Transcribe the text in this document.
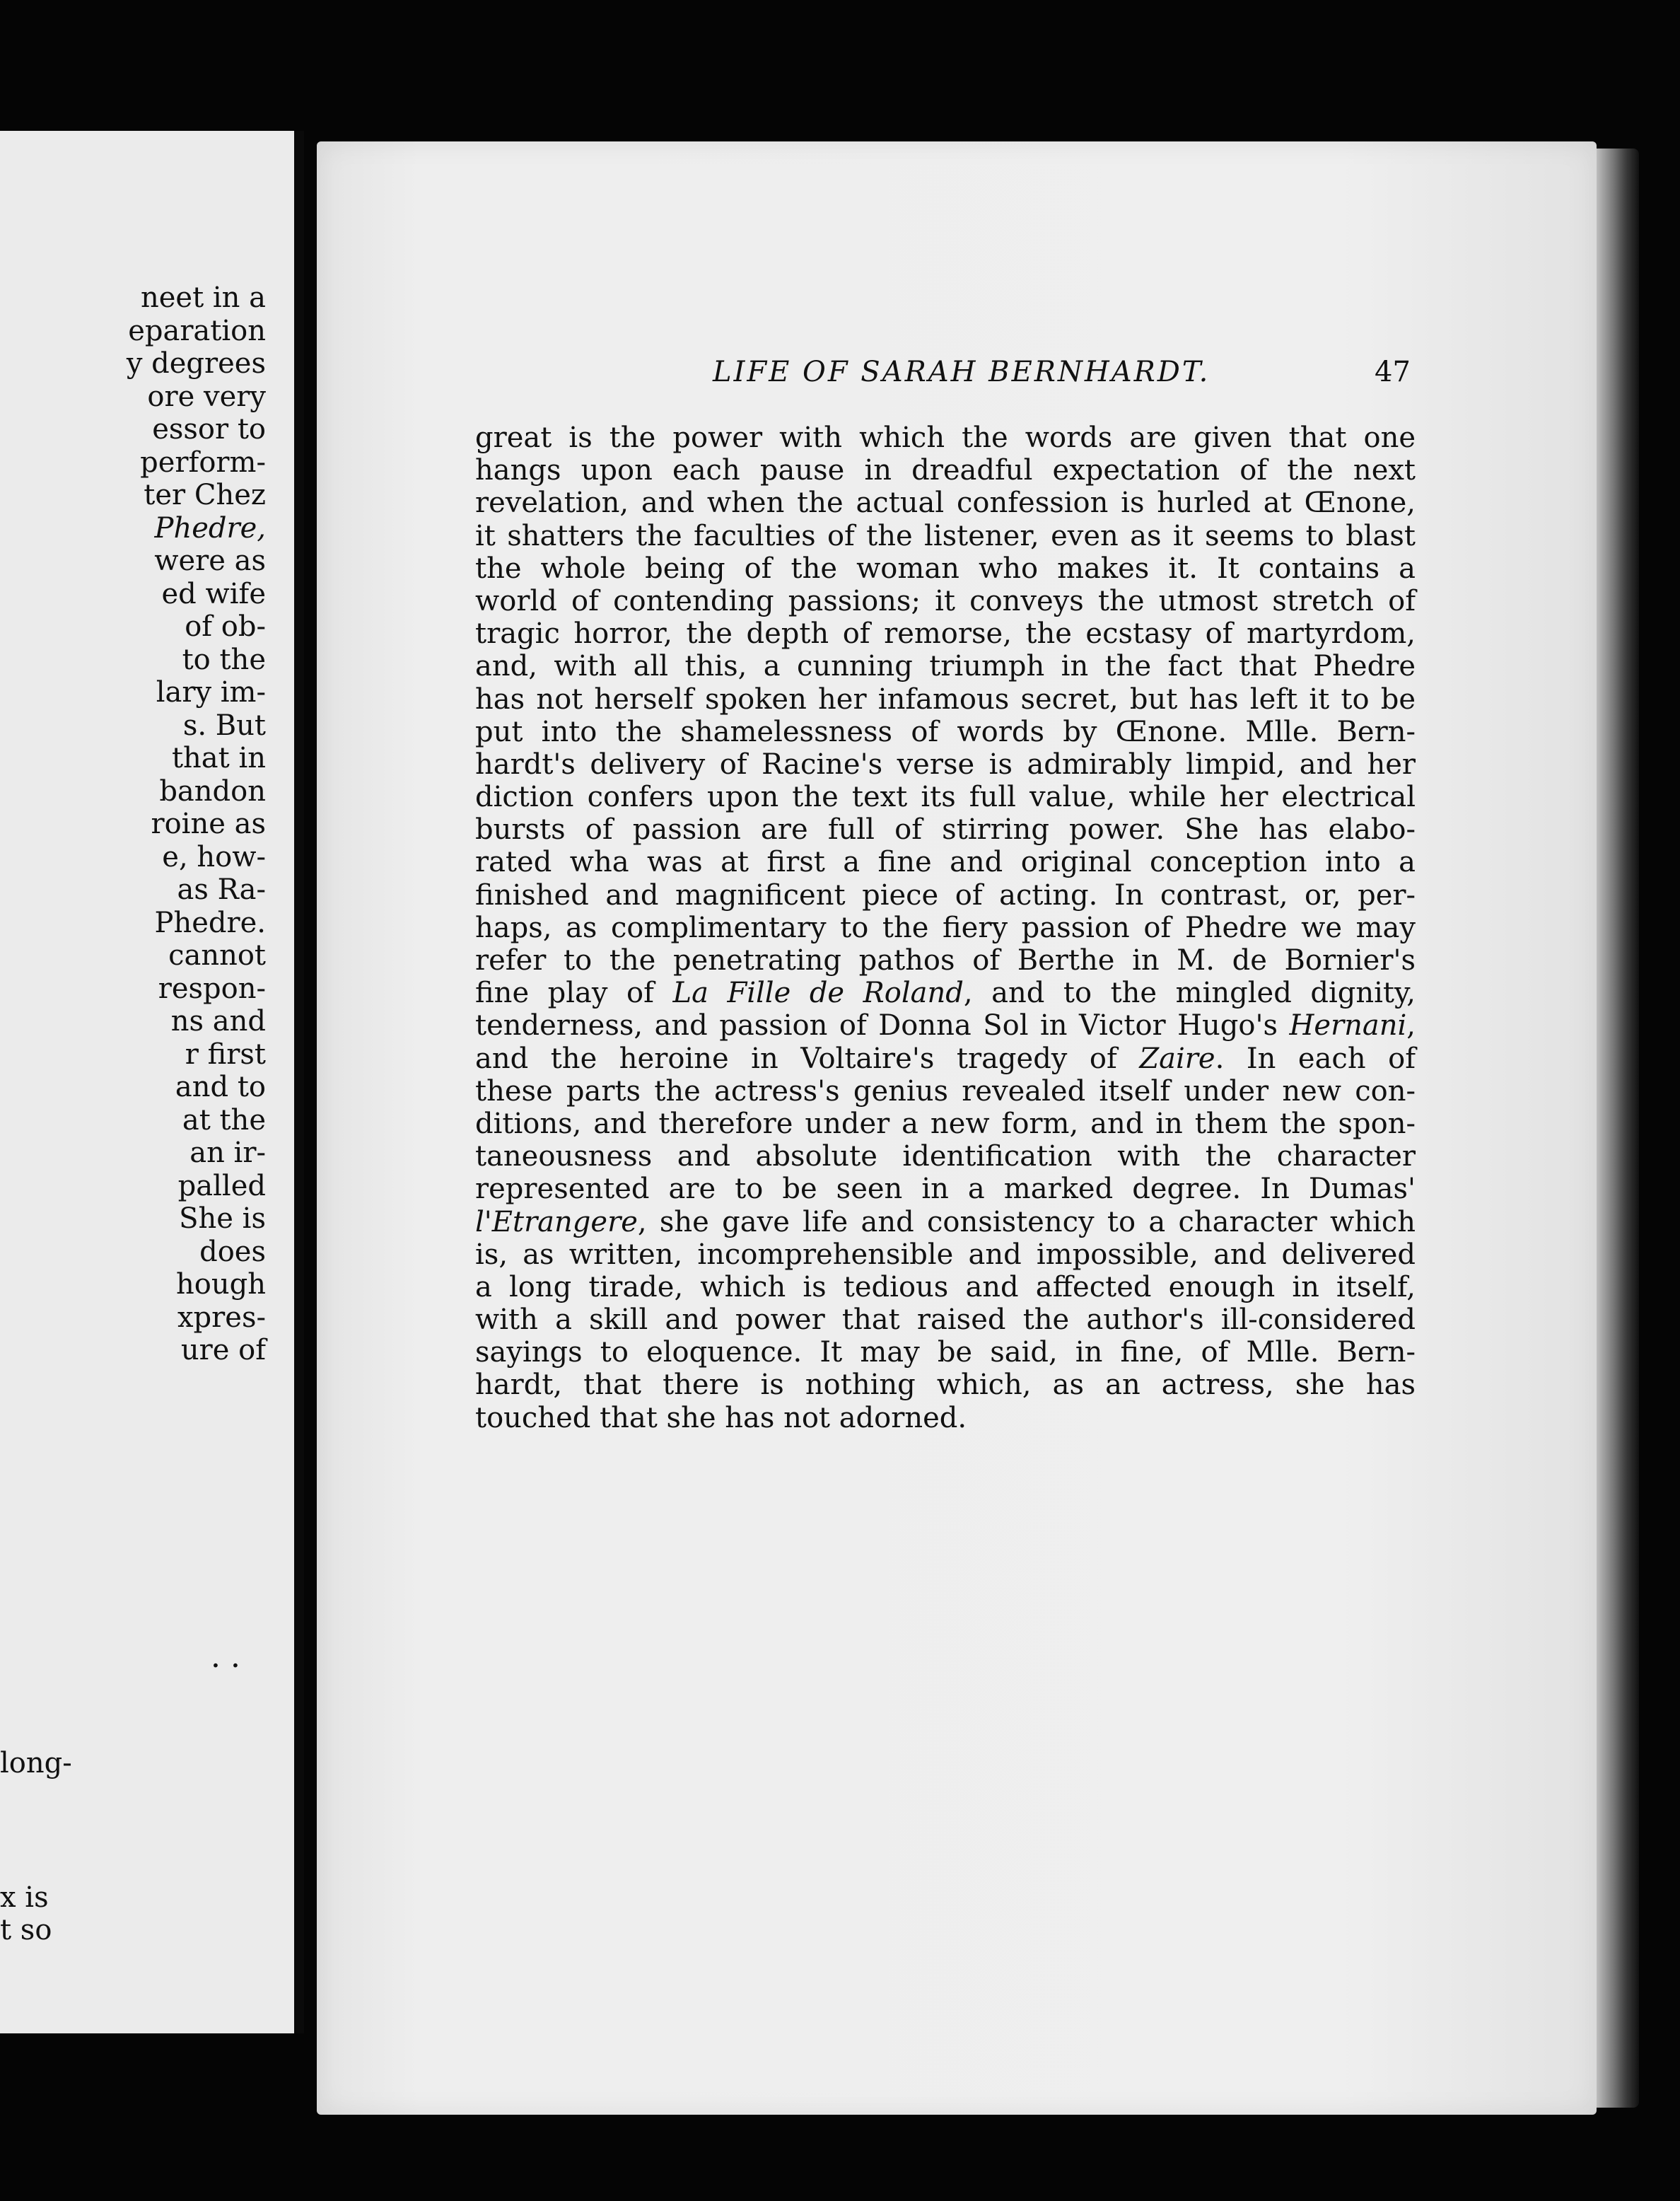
neet in a
eparation
y degrees
ore very
essor to
perform-
ter Chez
Phedre,
were as
ed wife
of ob-
to the
lary im-
s. But
that in
bandon
roine as
e, how-
as Ra-
Phedre.
cannot
respon-
ns and
r first
and to
at the
an ir-
palled
She is
does
hough
xpres-
ure of
· ·
long-
x is
t so
LIFE OF SARAH BERNHARDT.	47
great is the power with which the words are given that one
hangs upon each pause in dreadful expectation of the next
revelation, and when the actual confession is hurled at Œnone,
it shatters the faculties of the listener, even as it seems to blast
the whole being of the woman who makes it. It contains a
world of contending passions; it conveys the utmost stretch of
tragic horror, the depth of remorse, the ecstasy of martyrdom,
and, with all this, a cunning triumph in the fact that Phedre
has not herself spoken her infamous secret, but has left it to be
put into the shamelessness of words by Œnone. Mlle. Bern-
hardt's delivery of Racine's verse is admirably limpid, and her
diction confers upon the text its full value, while her electrical
bursts of passion are full of stirring power. She has elabo-
rated wha was at first a fine and original conception into a
finished and magnificent piece of acting. In contrast, or, per-
haps, as complimentary to the fiery passion of Phedre we may
refer to the penetrating pathos of Berthe in M. de Bornier's
fine play of La Fille de Roland, and to the mingled dignity,
tenderness, and passion of Donna Sol in Victor Hugo's Hernani,
and the heroine in Voltaire's tragedy of Zaire. In each of
these parts the actress's genius revealed itself under new con-
ditions, and therefore under a new form, and in them the spon-
taneousness and absolute identification with the character
represented are to be seen in a marked degree. In Dumas'
l'Etrangere, she gave life and consistency to a character which
is, as written, incomprehensible and impossible, and delivered
a long tirade, which is tedious and affected enough in itself,
with a skill and power that raised the author's ill-considered
sayings to eloquence. It may be said, in fine, of Mlle. Bern-
hardt, that there is nothing which, as an actress, she has
touched that she has not adorned.
